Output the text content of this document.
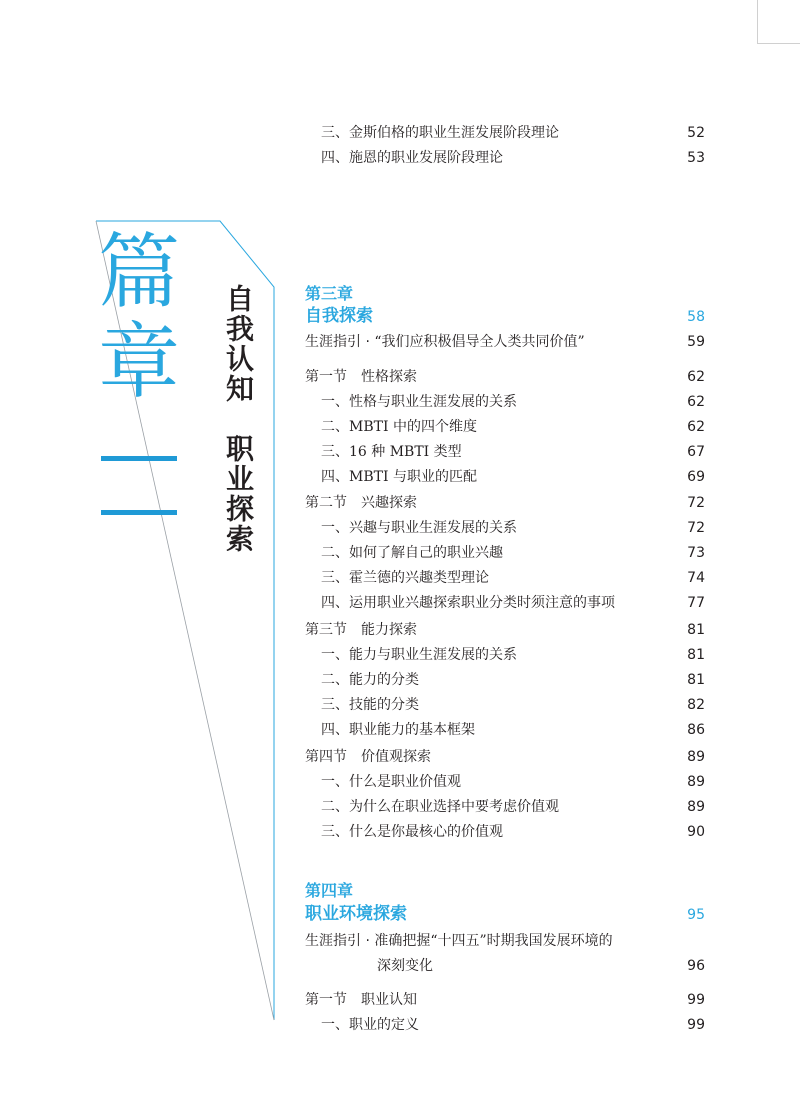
三、金斯伯格的职业生涯发展阶段理论	52
四、施恩的职业发展阶段理论	53
篇
章 自我认知　职业探索	第三章
自我探索	58
生涯指引 · “我们应积极倡导全人类共同价值”	59
第一节　性格探索	62
一、性格与职业生涯发展的关系	62
二、MBTI 中的四个维度	62
三、16 种 MBTI 类型	67
四、MBTI 与职业的匹配	69
第二节　兴趣探索	72
一、兴趣与职业生涯发展的关系	72
二、如何了解自己的职业兴趣	73
三、霍兰德的兴趣类型理论	74
四、运用职业兴趣探索职业分类时须注意的事项	77
第三节　能力探索	81
一、能力与职业生涯发展的关系	81
二、能力的分类	81
三、技能的分类	82
四、职业能力的基本框架	86
第四节　价值观探索	89
一、什么是职业价值观	89
二、为什么在职业选择中要考虑价值观	89
三、什么是你最核心的价值观	90
第四章
职业环境探索	95
生涯指引 · 准确把握“十四五”时期我国发展环境的
深刻变化	96
第一节　职业认知	99
一、职业的定义	99
